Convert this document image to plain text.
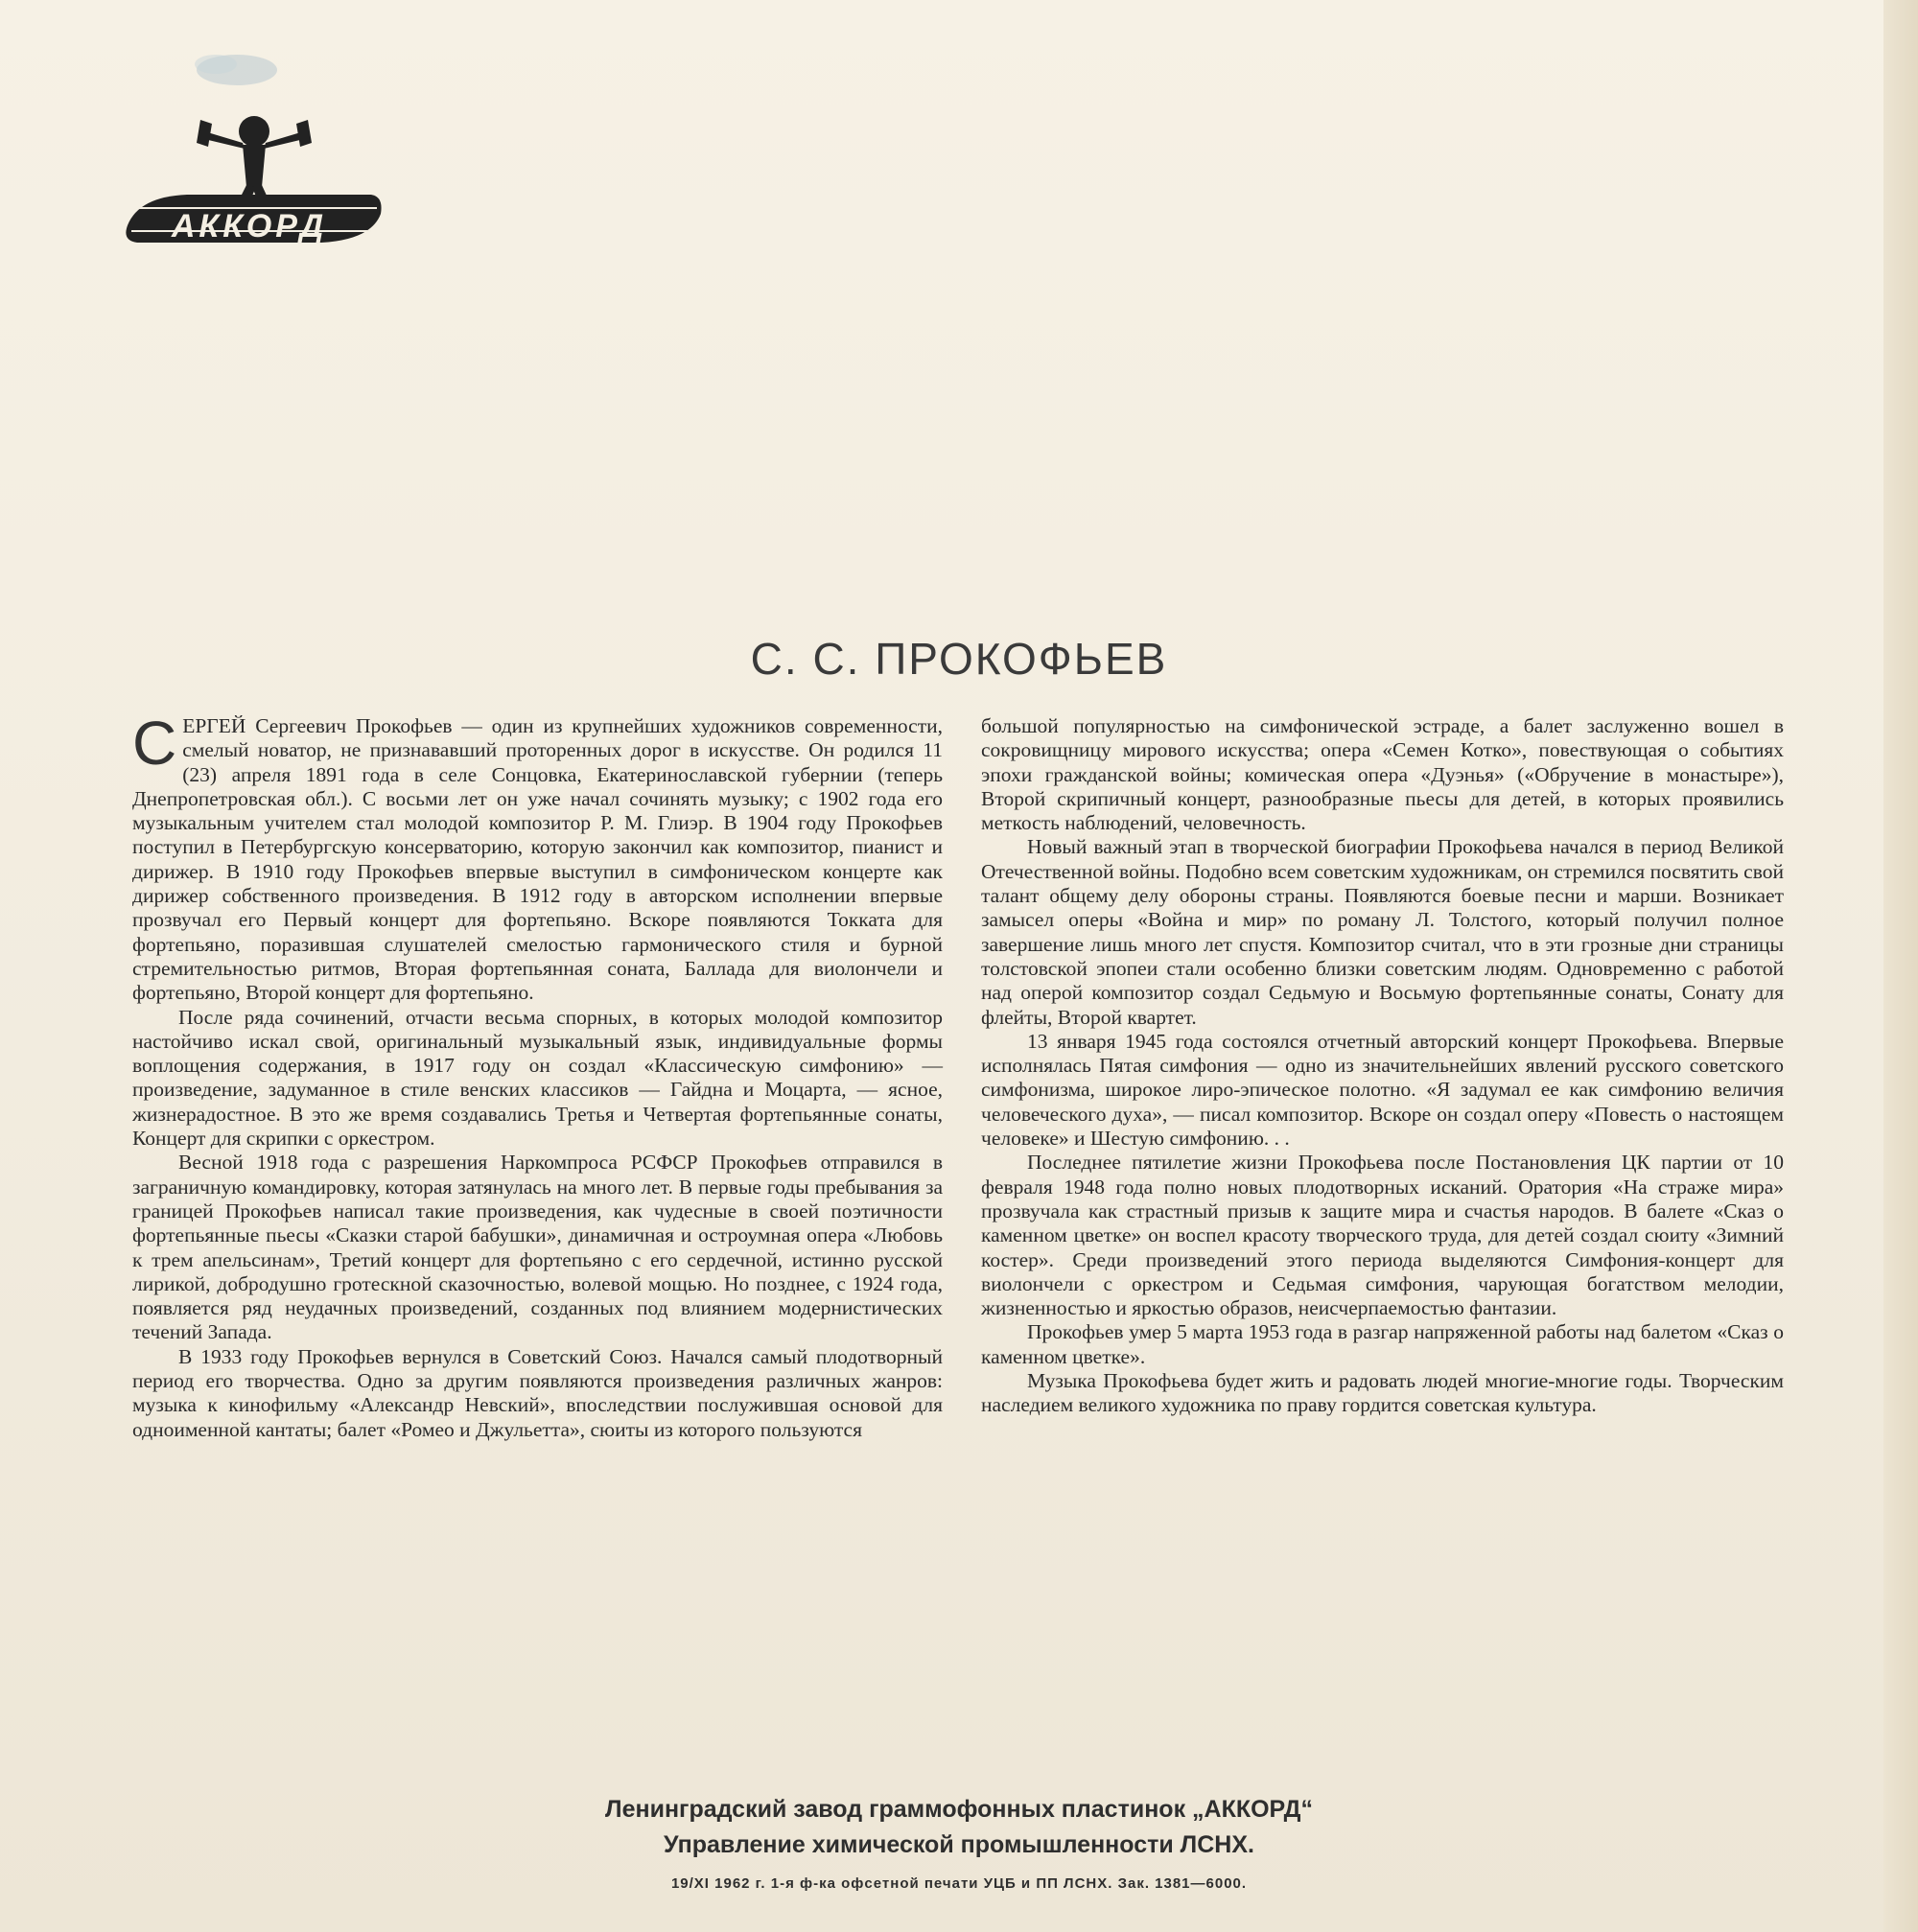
АККОРД
С. С. ПРОКОФЬЕВ

СЕРГЕЙ Сергеевич Прокофьев — один из крупнейших художников современности, смелый новатор, не признававший проторенных дорог в искусстве. Он родился 11 (23) апреля 1891 года в селе Сонцовка, Екатеринославской губернии (теперь Днепропетровская обл.). С восьми лет он уже начал сочинять музыку; с 1902 года его музыкальным учителем стал молодой композитор Р. М. Глиэр. В 1904 году Прокофьев поступил в Петербургскую консерваторию, которую закончил как композитор, пианист и дирижер. В 1910 году Прокофьев впервые выступил в симфоническом концерте как дирижер собственного произведения. В 1912 году в авторском исполнении впервые прозвучал его Первый концерт для фортепьяно. Вскоре появляются Токката для фортепьяно, поразившая слушателей смелостью гармонического стиля и бурной стремительностью ритмов, Вторая фортепьянная соната, Баллада для виолончели и фортепьяно, Второй концерт для фортепьяно.

После ряда сочинений, отчасти весьма спорных, в которых молодой композитор настойчиво искал свой, оригинальный музыкальный язык, индивидуальные формы воплощения содержания, в 1917 году он создал «Классическую симфонию» — произведение, задуманное в стиле венских классиков — Гайдна и Моцарта, — ясное, жизнерадостное. В это же время создавались Третья и Четвертая фортепьянные сонаты, Концерт для скрипки с оркестром.

Весной 1918 года с разрешения Наркомпроса РСФСР Прокофьев отправился в заграничную командировку, которая затянулась на много лет. В первые годы пребывания за границей Прокофьев написал такие произведения, как чудесные в своей поэтичности фортепьянные пьесы «Сказки старой бабушки», динамичная и остроумная опера «Любовь к трем апельсинам», Третий концерт для фортепьяно с его сердечной, истинно русской лирикой, добродушно гротескной сказочностью, волевой мощью. Но позднее, с 1924 года, появляется ряд неудачных произведений, созданных под влиянием модернистических течений Запада.

В 1933 году Прокофьев вернулся в Советский Союз. Начался самый плодотворный период его творчества. Одно за другим появляются произведения различных жанров: музыка к кинофильму «Александр Невский», впоследствии послужившая основой для одноименной кантаты; балет «Ромео и Джульетта», сюиты из которого пользуются

большой популярностью на симфонической эстраде, а балет заслуженно вошел в сокровищницу мирового искусства; опера «Семен Котко», повествующая о событиях эпохи гражданской войны; комическая опера «Дуэнья» («Обручение в монастыре»), Второй скрипичный концерт, разнообразные пьесы для детей, в которых проявились меткость наблюдений, человечность.

Новый важный этап в творческой биографии Прокофьева начался в период Великой Отечественной войны. Подобно всем советским художникам, он стремился посвятить свой талант общему делу обороны страны. Появляются боевые песни и марши. Возникает замысел оперы «Война и мир» по роману Л. Толстого, который получил полное завершение лишь много лет спустя. Композитор считал, что в эти грозные дни страницы толстовской эпопеи стали особенно близки советским людям. Одновременно с работой над оперой композитор создал Седьмую и Восьмую фортепьянные сонаты, Сонату для флейты, Второй квартет.

13 января 1945 года состоялся отчетный авторский концерт Прокофьева. Впервые исполнялась Пятая симфония — одно из значительнейших явлений русского советского симфонизма, широкое лиро-эпическое полотно. «Я задумал ее как симфонию величия человеческого духа», — писал композитор. Вскоре он создал оперу «Повесть о настоящем человеке» и Шестую симфонию. . .

Последнее пятилетие жизни Прокофьева после Постановления ЦК партии от 10 февраля 1948 года полно новых плодотворных исканий. Оратория «На страже мира» прозвучала как страстный призыв к защите мира и счастья народов. В балете «Сказ о каменном цветке» он воспел красоту творческого труда, для детей создал сюиту «Зимний костер». Среди произведений этого периода выделяются Симфония-концерт для виолончели с оркестром и Седьмая симфония, чарующая богатством мелодии, жизненностью и яркостью образов, неисчерпаемостью фантазии.

Прокофьев умер 5 марта 1953 года в разгар напряженной работы над балетом «Сказ о каменном цветке».

Музыка Прокофьева будет жить и радовать людей многие-многие годы. Творческим наследием великого художника по праву гордится советская культура.

Ленинградский завод граммофонных пластинок „АККОРД“
Управление химической промышленности ЛСНХ.
19/XI 1962 г. 1-я ф-ка офсетной печати УЦБ и ПП ЛСНХ. Зак. 1381—6000.
